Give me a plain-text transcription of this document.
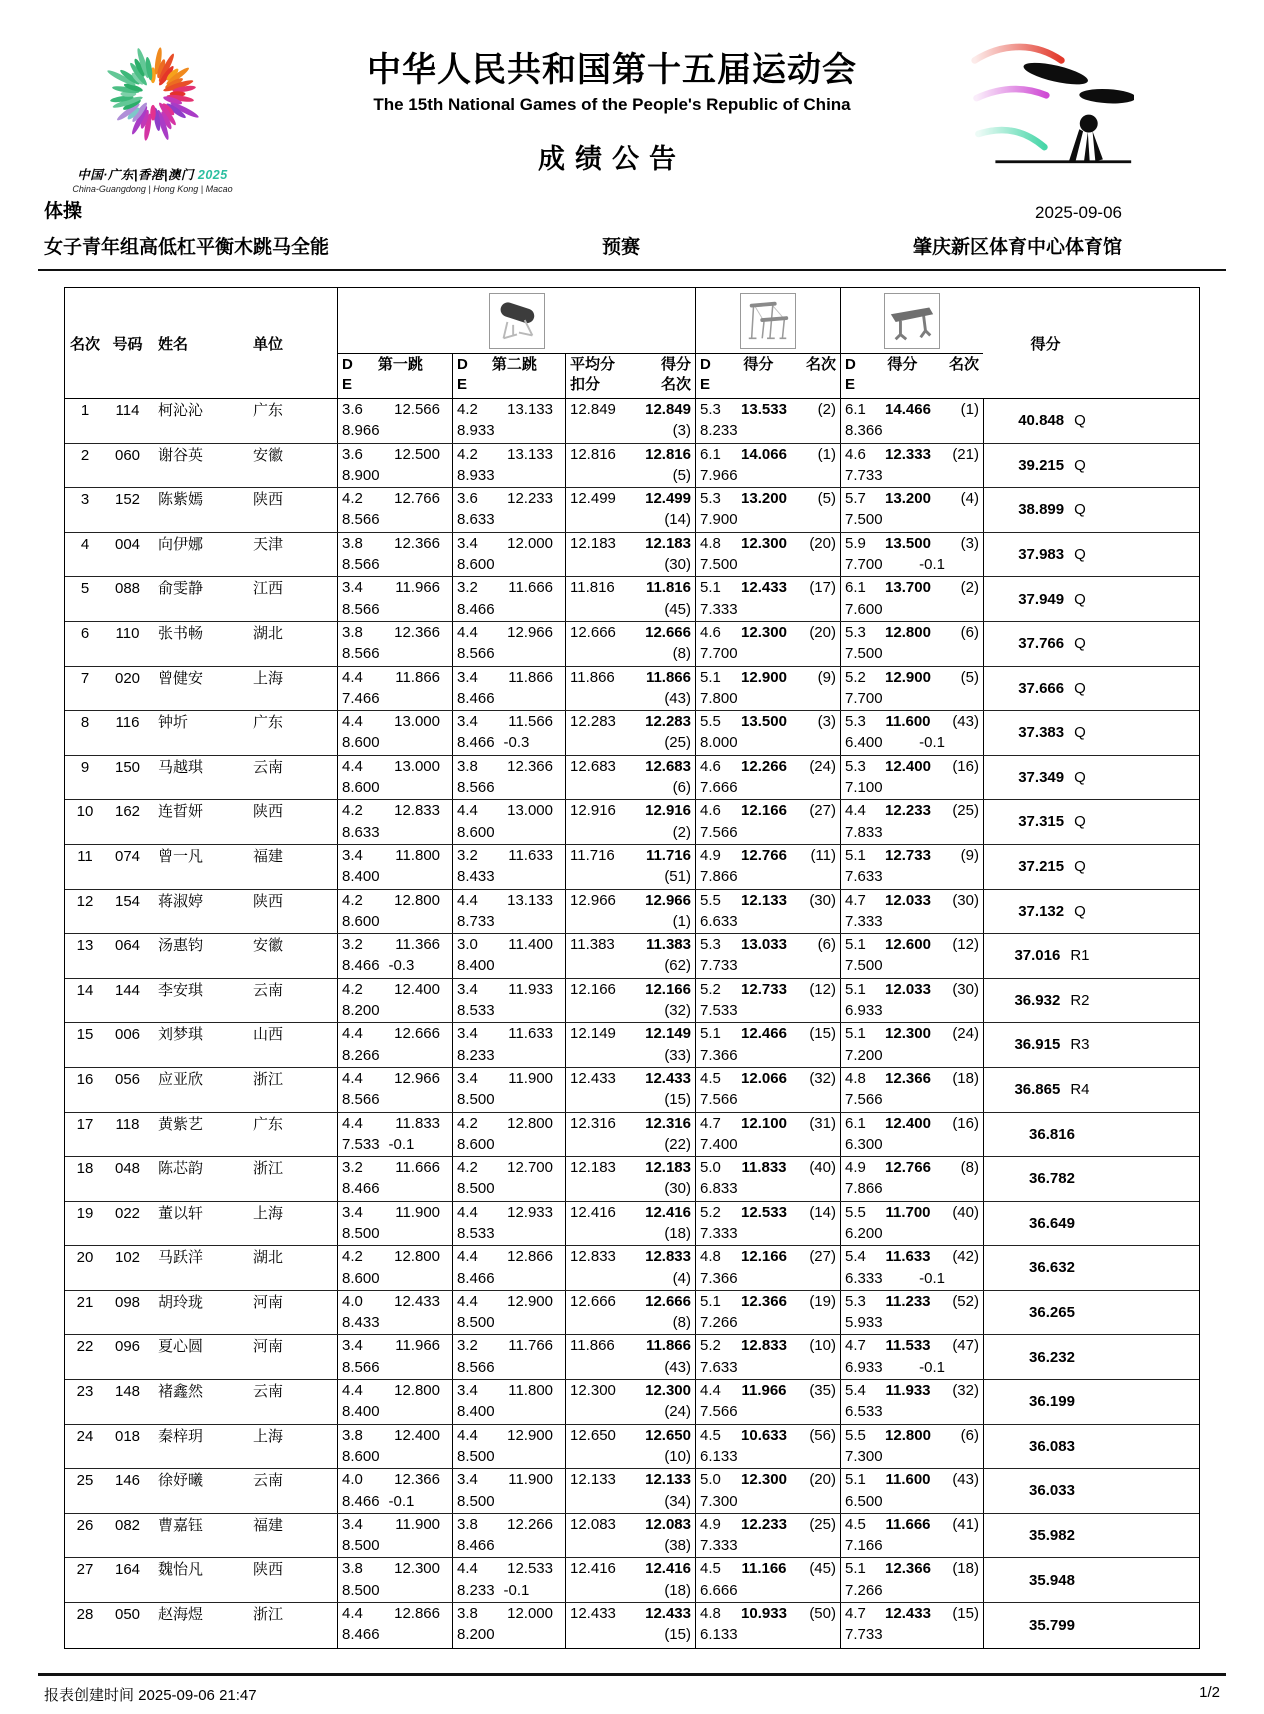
中国·广东|香港|澳门 2025
China-Guangdong | Hong Kong | Macao
中华人民共和国第十五届运动会
The 15th National Games of the People's Republic of China
成绩公告
体操	2025-09-06
女子青年组高低杠平衡木跳马全能	预赛	肇庆新区体育中心体育馆
名次 号码	姓名	单位	得分
D	第一跳
E
D	第二跳
E
平均分	得分
扣分	名次
D	得分	名次
E
D	得分	名次
E
1	114	柯沁沁	广东	3.6	12.566
8.966
4.2	13.133
8.933
12.849 12.849
(3)
5.3	13.533	(2)
8.233
6.1	14.466	(1)
8.366
40.848 Q
2	060	谢谷英	安徽	3.6	12.500
8.900
4.2	13.133
8.933
12.816 12.816
(5)
6.1	14.066	(1)
7.966
4.6	12.333	(21)
7.733
39.215 Q
3	152	陈紫嫣	陕西	4.2	12.766
8.566
3.6	12.233
8.633
12.499 12.499
(14)
5.3	13.200	(5)
7.900
5.7	13.200	(4)
7.500
38.899 Q
4	004	向伊娜	天津	3.8	12.366
8.566
3.4	12.000
8.600
12.183 12.183
(30)
4.8	12.300	(20)
7.500
5.9	13.500	(3)
7.700 -0.1
37.983 Q
5	088	俞雯静	江西	3.4	11.966
8.566
3.2	11.666
8.466
11.816 11.816
(45)
5.1	12.433	(17)
7.333
6.1	13.700	(2)
7.600
37.949 Q
6	110	张书畅	湖北	3.8	12.366
8.566
4.4	12.966
8.566
12.666 12.666
(8)
4.6	12.300	(20)
7.700
5.3	12.800	(6)
7.500
37.766 Q
7	020	曾健安	上海	4.4	11.866
7.466
3.4	11.866
8.466
11.866 11.866
(43)
5.1	12.900	(9)
7.800
5.2	12.900	(5)
7.700
37.666 Q
8	116	钟圻	广东	4.4	13.000
8.600
3.4	11.566
8.466 -0.3
12.283 12.283
(25)
5.5	13.500	(3)
8.000
5.3	11.600	(43)
6.400 -0.1
37.383 Q
9	150	马越琪	云南	4.4	13.000
8.600
3.8	12.366
8.566
12.683 12.683
(6)
4.6	12.266	(24)
7.666
5.3	12.400	(16)
7.100
37.349 Q
10	162	连晢妍	陕西	4.2	12.833
8.633
4.4	13.000
8.600
12.916 12.916
(2)
4.6	12.166	(27)
7.566
4.4	12.233	(25)
7.833
37.315 Q
11	074	曾一凡	福建	3.4	11.800
8.400
3.2	11.633
8.433
11.716 11.716
(51)
4.9	12.766	(11)
7.866
5.1	12.733	(9)
7.633
37.215 Q
12	154	蒋淑婷	陕西	4.2	12.800
8.600
4.4	13.133
8.733
12.966 12.966
(1)
5.5	12.133	(30)
6.633
4.7	12.033	(30)
7.333
37.132 Q
13	064	汤惠钧	安徽	3.2	11.366
8.466 -0.3
3.0	11.400
8.400
11.383 11.383
(62)
5.3	13.033	(6)
7.733
5.1	12.600	(12)
7.500
37.016 R1
14	144	李安琪	云南	4.2	12.400
8.200
3.4	11.933
8.533
12.166 12.166
(32)
5.2	12.733	(12)
7.533
5.1	12.033	(30)
6.933
36.932 R2
15	006	刘梦琪	山西	4.4	12.666
8.266
3.4	11.633
8.233
12.149 12.149
(33)
5.1	12.466	(15)
7.366
5.1	12.300	(24)
7.200
36.915 R3
16	056	应亚欣	浙江	4.4	12.966
8.566
3.4	11.900
8.500
12.433 12.433
(15)
4.5	12.066	(32)
7.566
4.8	12.366	(18)
7.566
36.865 R4
17	118	黄紫艺	广东	4.4	11.833
7.533 -0.1
4.2	12.800
8.600
12.316 12.316
(22)
4.7	12.100	(31)
7.400
6.1	12.400	(16)
6.300
36.816
18	048	陈芯韵	浙江	3.2	11.666
8.466
4.2	12.700
8.500
12.183 12.183
(30)
5.0	11.833	(40)
6.833
4.9	12.766	(8)
7.866
36.782
19	022	董以轩	上海	3.4	11.900
8.500
4.4	12.933
8.533
12.416 12.416
(18)
5.2	12.533	(14)
7.333
5.5	11.700	(40)
6.200
36.649
20	102	马跃洋	湖北	4.2	12.800
8.600
4.4	12.866
8.466
12.833 12.833
(4)
4.8	12.166	(27)
7.366
5.4	11.633	(42)
6.333 -0.1
36.632
21	098	胡玲珑	河南	4.0	12.433
8.433
4.4	12.900
8.500
12.666 12.666
(8)
5.1	12.366	(19)
7.266
5.3	11.233	(52)
5.933
36.265
22	096	夏心圆	河南	3.4	11.966
8.566
3.2	11.766
8.566
11.866 11.866
(43)
5.2	12.833	(10)
7.633
4.7	11.533	(47)
6.933 -0.1
36.232
23	148	褚鑫然	云南	4.4	12.800
8.400
3.4	11.800
8.400
12.300 12.300
(24)
4.4	11.966	(35)
7.566
5.4	11.933	(32)
6.533
36.199
24	018	秦梓玥	上海	3.8	12.400
8.600
4.4	12.900
8.500
12.650 12.650
(10)
4.5	10.633	(56)
6.133
5.5	12.800	(6)
7.300
36.083
25	146	徐妤曦	云南	4.0	12.366
8.466 -0.1
3.4	11.900
8.500
12.133 12.133
(34)
5.0	12.300	(20)
7.300
5.1	11.600	(43)
6.500
36.033
26	082	曹嘉钰	福建	3.4	11.900
8.500
3.8	12.266
8.466
12.083 12.083
(38)
4.9	12.233	(25)
7.333
4.5	11.666	(41)
7.166
35.982
27	164	魏怡凡	陕西	3.8	12.300
8.500
4.4	12.533
8.233 -0.1
12.416 12.416
(18)
4.5	11.166	(45)
6.666
5.1	12.366	(18)
7.266
35.948
28	050	赵海煜	浙江	4.4	12.866
8.466
3.8	12.000
8.200
12.433 12.433
(15)
4.8	10.933	(50)
6.133
4.7	12.433	(15)
7.733
35.799
报表创建时间 2025-09-06 21:47	1/2
